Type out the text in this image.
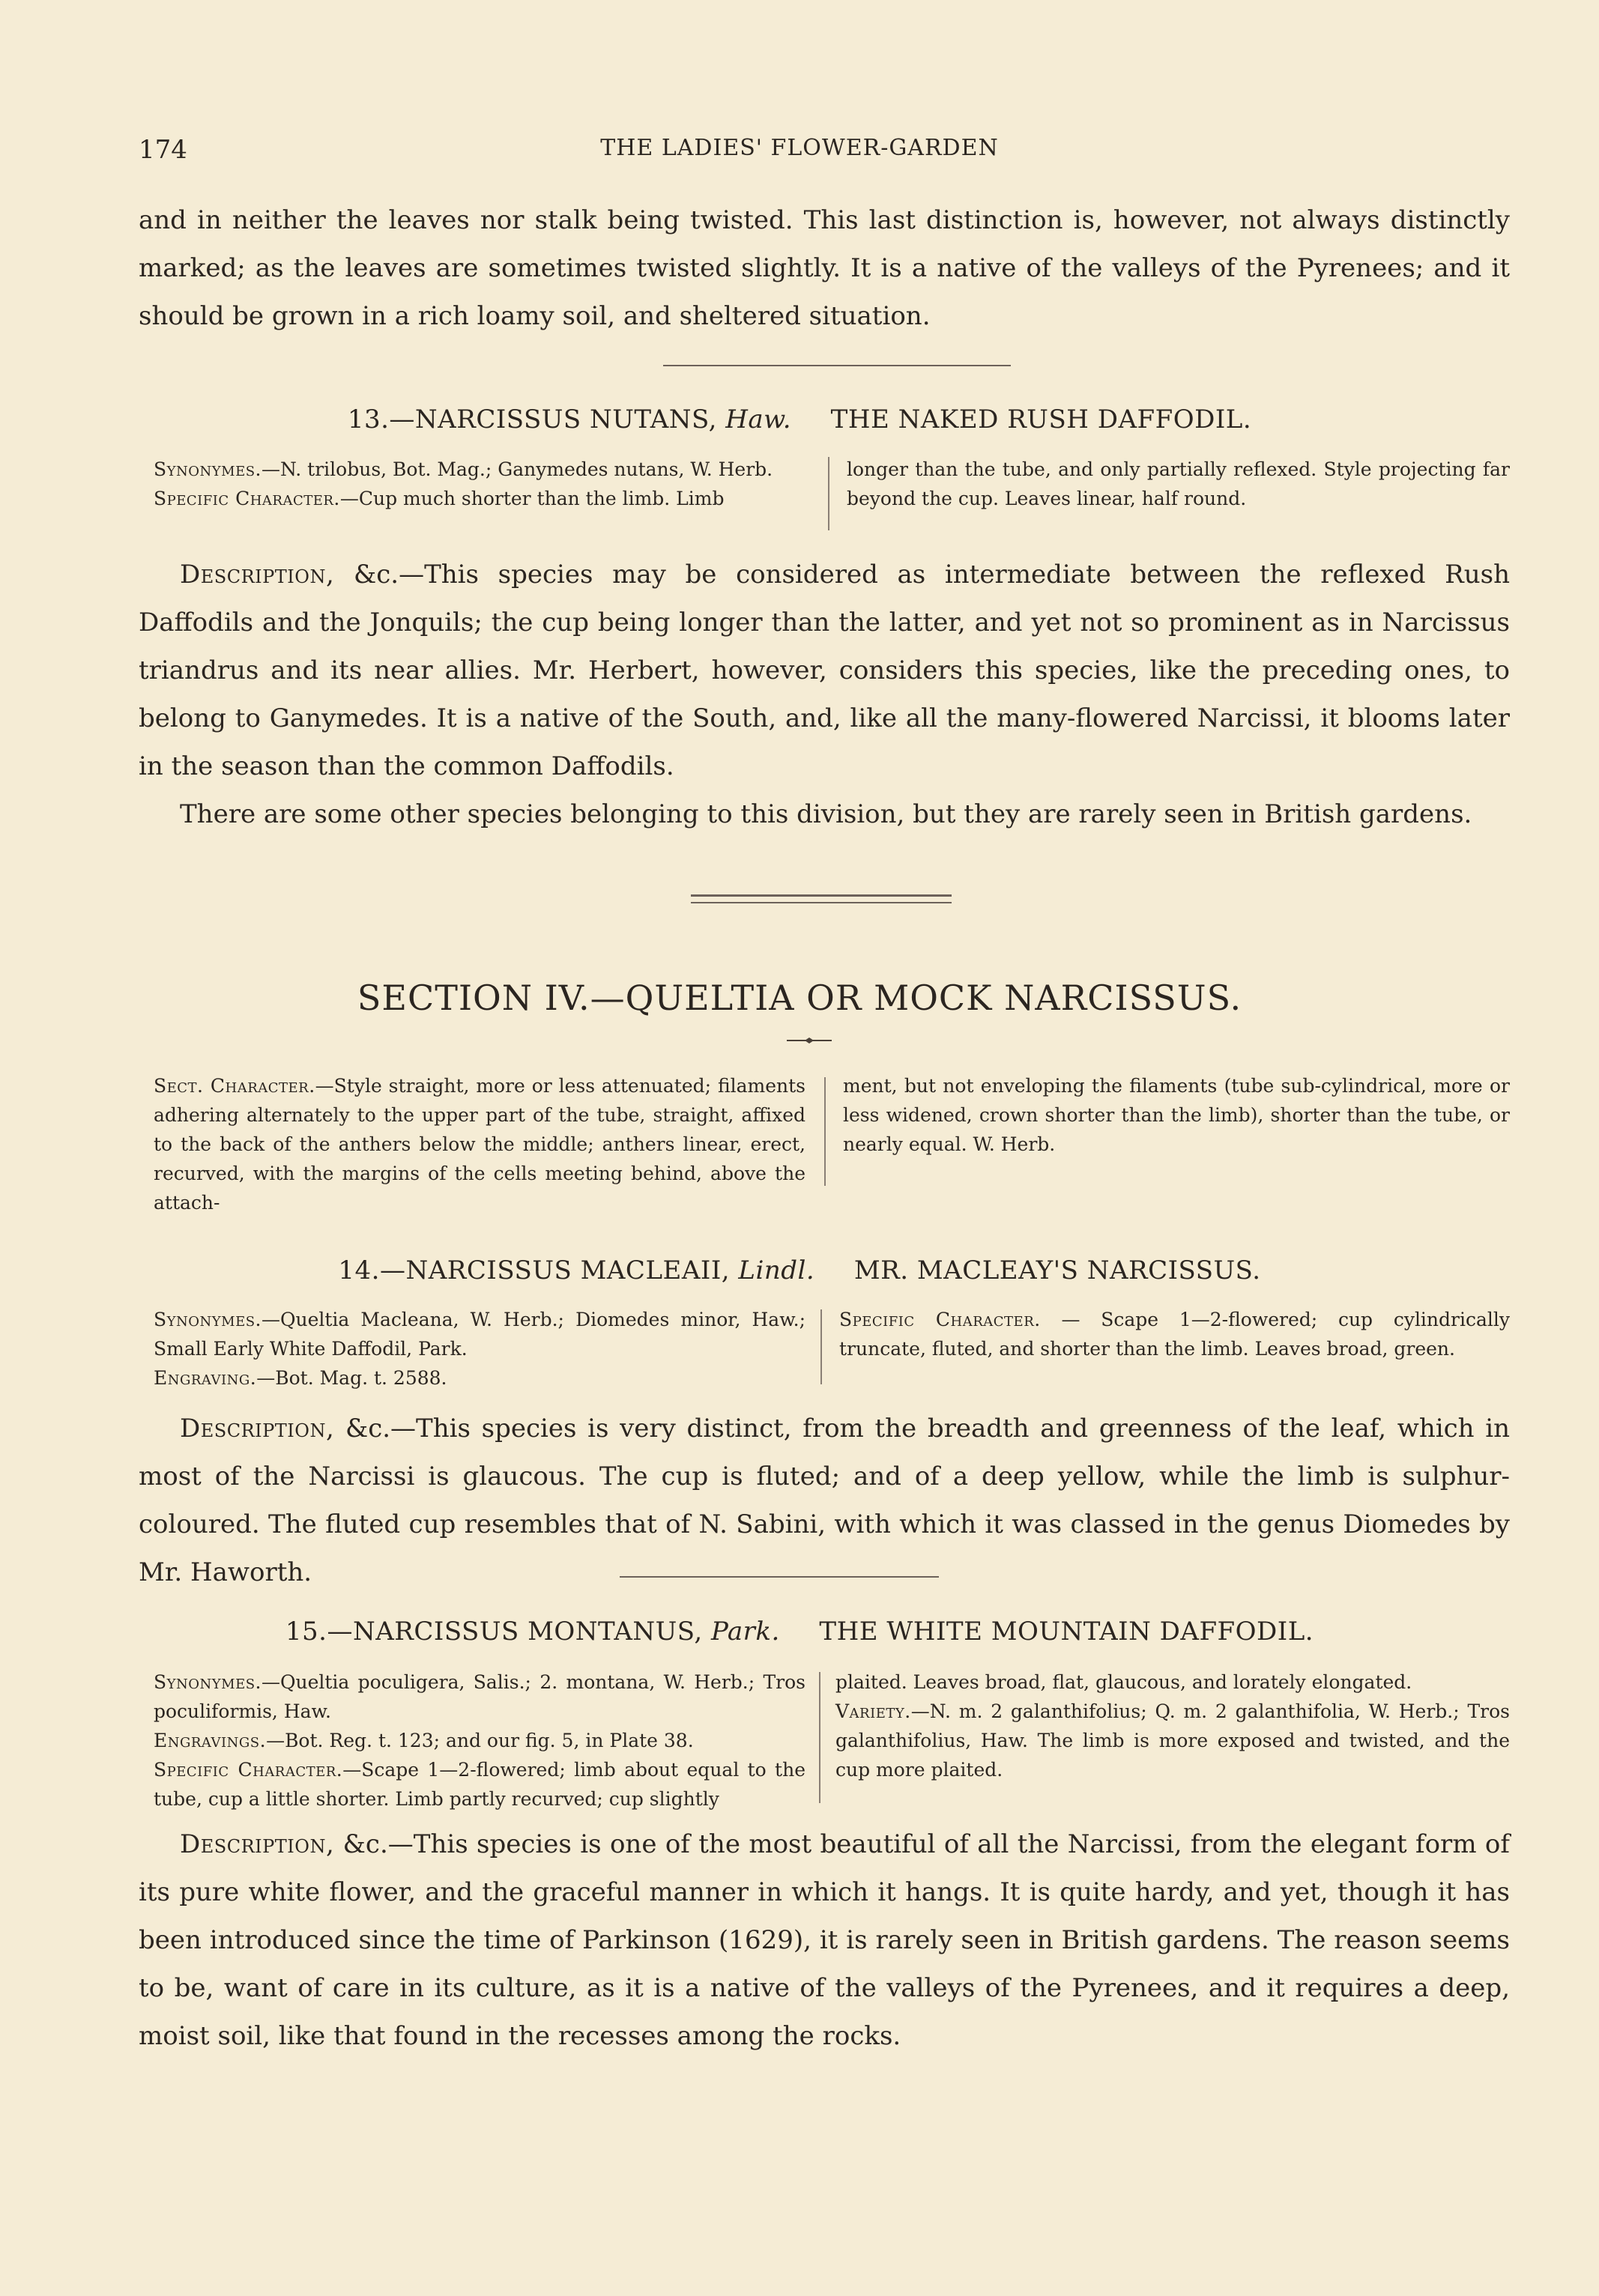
174	THE LADIES' FLOWER-GARDEN

and in neither the leaves nor stalk being twisted. This last distinction is, however, not always distinctly marked; as the leaves are sometimes twisted slightly. It is a native of the valleys of the Pyrenees; and it should be grown in a rich loamy soil, and sheltered situation.

13.—NARCISSUS NUTANS, Haw. THE NAKED RUSH DAFFODIL.

Synonymes.—N. trilobus, Bot. Mag.; Ganymedes nutans, W. Herb.

Specific Character.—Cup much shorter than the limb. Limb

longer than the tube, and only partially reflexed. Style projecting far beyond the cup. Leaves linear, half round.

Description, &c.—This species may be considered as intermediate between the reflexed Rush Daffodils and the Jonquils; the cup being longer than the latter, and yet not so prominent as in Narcissus triandrus and its near allies. Mr. Herbert, however, considers this species, like the preceding ones, to belong to Ganymedes. It is a native of the South, and, like all the many-flowered Narcissi, it blooms later in the season than the common Daffodils.

There are some other species belonging to this division, but they are rarely seen in British gardens.

SECTION IV.—QUELTIA OR MOCK NARCISSUS.

Sect. Character.—Style straight, more or less attenuated; filaments adhering alternately to the upper part of the tube, straight, affixed to the back of the anthers below the middle; anthers linear, erect, recurved, with the margins of the cells meeting behind, above the attach-

ment, but not enveloping the filaments (tube sub-cylindrical, more or less widened, crown shorter than the limb), shorter than the tube, or nearly equal. W. Herb.

14.—NARCISSUS MACLEAII, Lindl. MR. MACLEAY'S NARCISSUS.

Synonymes.—Queltia Macleana, W. Herb.; Diomedes minor, Haw.; Small Early White Daffodil, Park.

Engraving.—Bot. Mag. t. 2588.

Specific Character. — Scape 1—2-flowered; cup cylindrically truncate, fluted, and shorter than the limb. Leaves broad, green.

Description, &c.—This species is very distinct, from the breadth and greenness of the leaf, which in most of the Narcissi is glaucous. The cup is fluted; and of a deep yellow, while the limb is sulphur-coloured. The fluted cup resembles that of N. Sabini, with which it was classed in the genus Diomedes by Mr. Haworth.

15.—NARCISSUS MONTANUS, Park. THE WHITE MOUNTAIN DAFFODIL.

Synonymes.—Queltia poculigera, Salis.; 2. montana, W. Herb.; Tros poculiformis, Haw.

Engravings.—Bot. Reg. t. 123; and our fig. 5, in Plate 38.

Specific Character.—Scape 1—2-flowered; limb about equal to the tube, cup a little shorter. Limb partly recurved; cup slightly

plaited. Leaves broad, flat, glaucous, and lorately elongated.

Variety.—N. m. 2 galanthifolius; Q. m. 2 galanthifolia, W. Herb.; Tros galanthifolius, Haw. The limb is more exposed and twisted, and the cup more plaited.

Description, &c.—This species is one of the most beautiful of all the Narcissi, from the elegant form of its pure white flower, and the graceful manner in which it hangs. It is quite hardy, and yet, though it has been introduced since the time of Parkinson (1629), it is rarely seen in British gardens. The reason seems to be, want of care in its culture, as it is a native of the valleys of the Pyrenees, and it requires a deep, moist soil, like that found in the recesses among the rocks.
